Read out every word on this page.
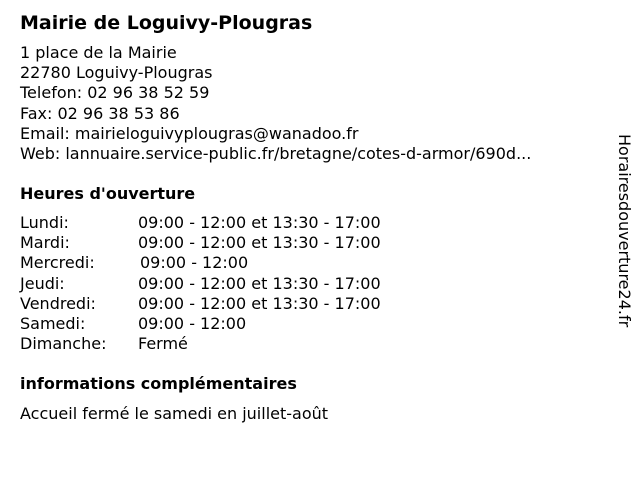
Mairie de Loguivy-Plougras
1 place de la Mairie
22780 Loguivy-Plougras
Telefon: 02 96 38 52 59
Fax: 02 96 38 53 86
Email: mairieloguivyplougras@wanadoo.fr
Web: lannuaire.service-public.fr/bretagne/cotes-d-armor/690d...
Heures d'ouverture
Lundi:	09:00 - 12:00 et 13:30 - 17:00
Mardi:	09:00 - 12:00 et 13:30 - 17:00
Mercredi:	09:00 - 12:00
Jeudi:	09:00 - 12:00 et 13:30 - 17:00
Vendredi:	09:00 - 12:00 et 13:30 - 17:00
Samedi:	09:00 - 12:00
Dimanche: Fermé
informations complémentaires
Accueil fermé le samedi en juillet-août
Horairesdouverture24.fr
